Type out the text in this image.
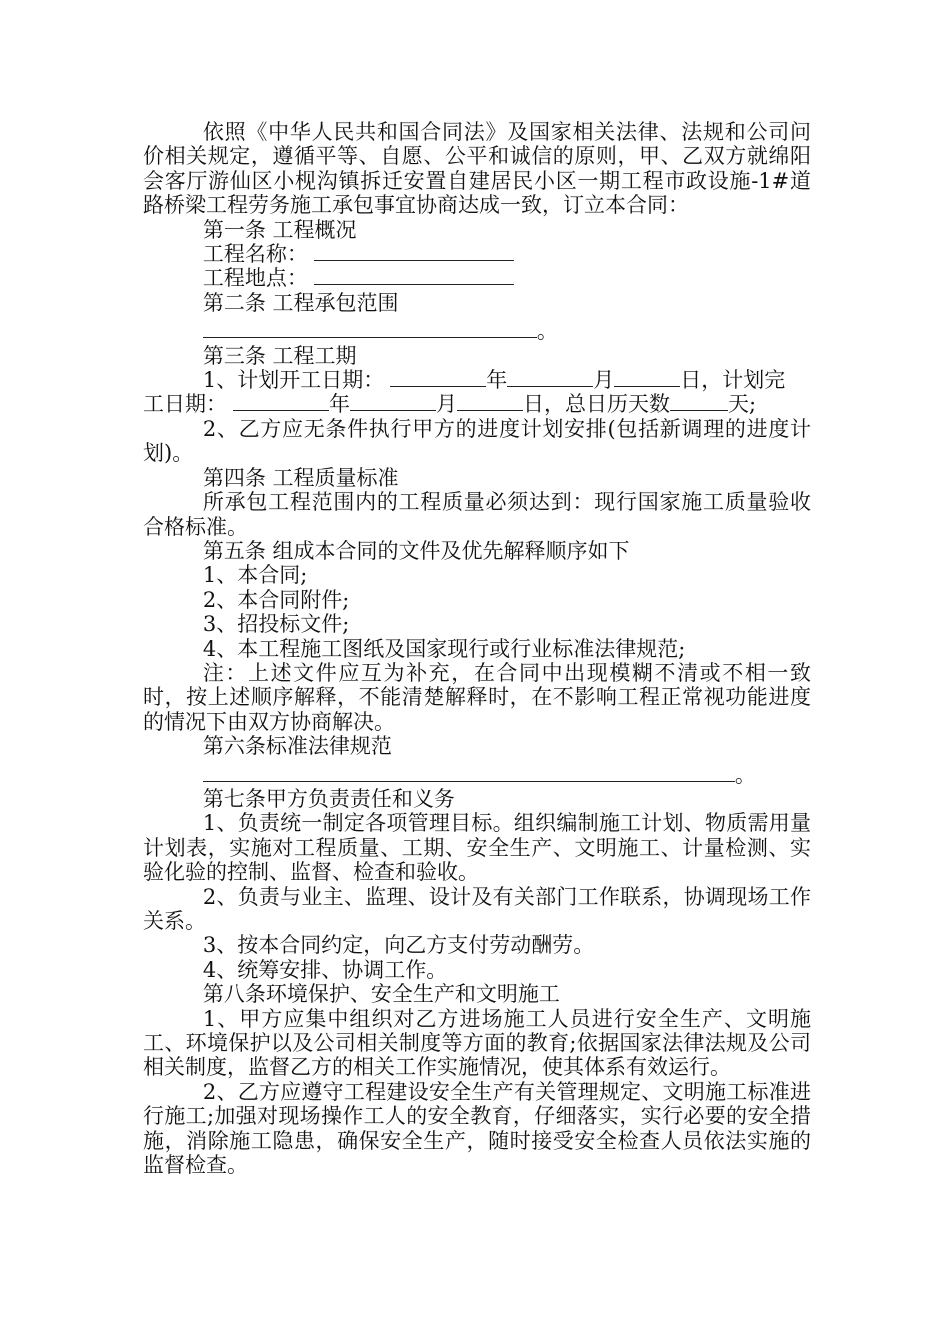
依照《中华人民共和国合同法》及国家相关法律、法规和公司问价相关规定，遵循平等、自愿、公平和诚信的原则，甲、乙双方就绵阳会客厅游仙区小枧沟镇拆迁安置自建居民小区一期工程市政设施-1#道路桥梁工程劳务施工承包事宜协商达成一致，订立本合同：

第一条 工程概况

工程名称：

工程地点：

第二条 工程承包范围

。

第三条 工程工期

1、计划开工日期：	年	月	日，计划完

工日期：	年	月	日，总日历天数	天;

2、乙方应无条件执行甲方的进度计划安排(包括新调理的进度计划)。

第四条 工程质量标准

所承包工程范围内的工程质量必须达到：现行国家施工质量验收合格标准。

第五条 组成本合同的文件及优先解释顺序如下

1、本合同;

2、本合同附件;

3、招投标文件;

4、本工程施工图纸及国家现行或行业标准法律规范;

注：上述文件应互为补充，在合同中出现模糊不清或不相一致时，按上述顺序解释，不能清楚解释时，在不影响工程正常视功能进度的情况下由双方协商解决。

第六条标准法律规范

。

第七条甲方负责责任和义务

1、负责统一制定各项管理目标。组织编制施工计划、物质需用量计划表，实施对工程质量、工期、安全生产、文明施工、计量检测、实验化验的控制、监督、检查和验收。

2、负责与业主、监理、设计及有关部门工作联系，协调现场工作关系。

3、按本合同约定，向乙方支付劳动酬劳。

4、统筹安排、协调工作。

第八条环境保护、安全生产和文明施工

1、甲方应集中组织对乙方进场施工人员进行安全生产、文明施工、环境保护以及公司相关制度等方面的教育;依据国家法律法规及公司相关制度，监督乙方的相关工作实施情况，使其体系有效运行。

2、乙方应遵守工程建设安全生产有关管理规定、文明施工标准进行施工;加强对现场操作工人的安全教育，仔细落实，实行必要的安全措施，消除施工隐患，确保安全生产，随时接受安全检查人员依法实施的监督检查。
